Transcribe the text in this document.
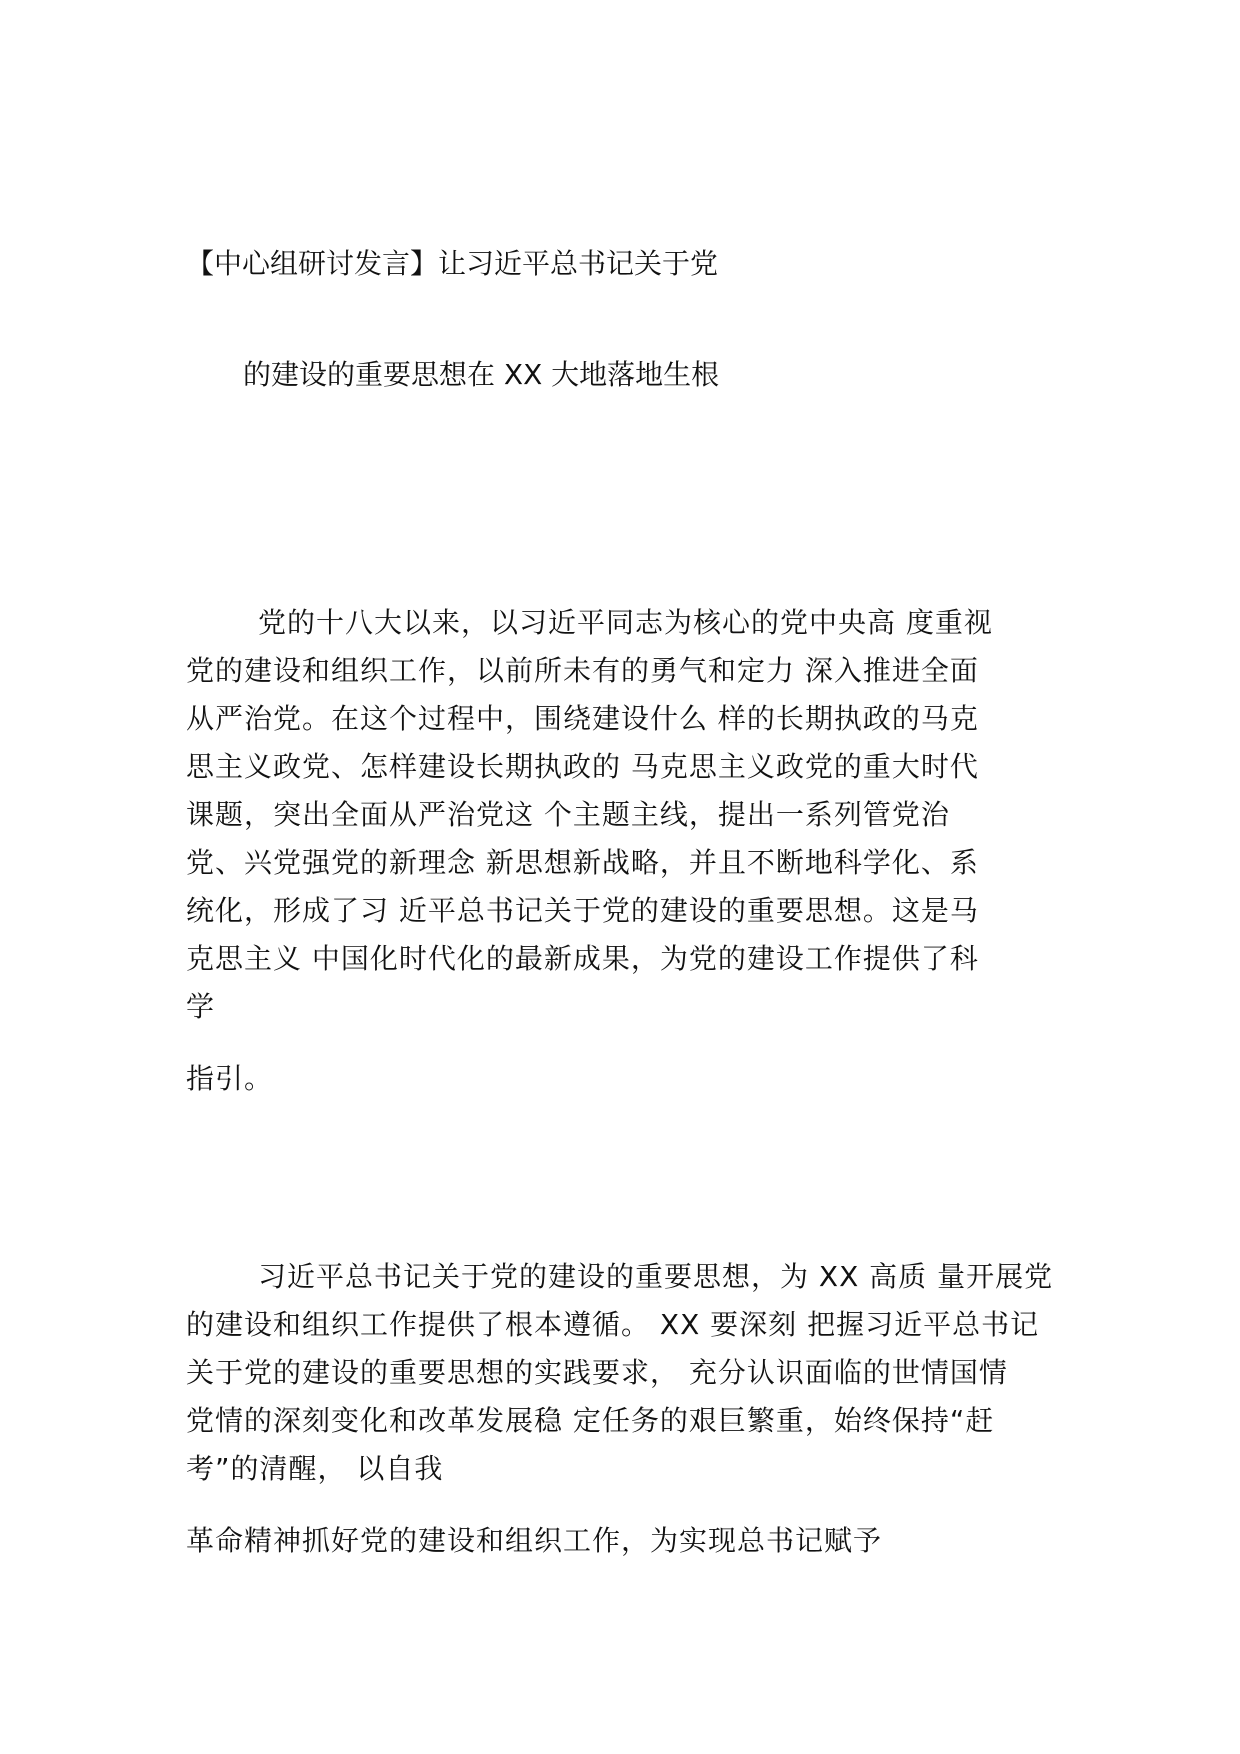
【中心组研讨发言】让习近平总书记关于党
的建设的重要思想在 XX 大地落地生根
党的十八大以来，以习近平同志为核心的党中央高 度重视
党的建设和组织工作，以前所未有的勇气和定力 深入推进全面
从严治党。在这个过程中，围绕建设什么 样的长期执政的马克
思主义政党、怎样建设长期执政的 马克思主义政党的重大时代
课题，突出全面从严治党这 个主题主线，提出一系列管党治
党、兴党强党的新理念 新思想新战略，并且不断地科学化、系
统化，形成了习 近平总书记关于党的建设的重要思想。这是马
克思主义 中国化时代化的最新成果，为党的建设工作提供了科
学
指引。
习近平总书记关于党的建设的重要思想，为 XX 高质 量开展党
的建设和组织工作提供了根本遵循。 XX 要深刻 把握习近平总书记
关于党的建设的重要思想的实践要求， 充分认识面临的世情国情
党情的深刻变化和改革发展稳 定任务的艰巨繁重，始终保持“赶
考”的清醒， 以自我
革命精神抓好党的建设和组织工作，为实现总书记赋予
